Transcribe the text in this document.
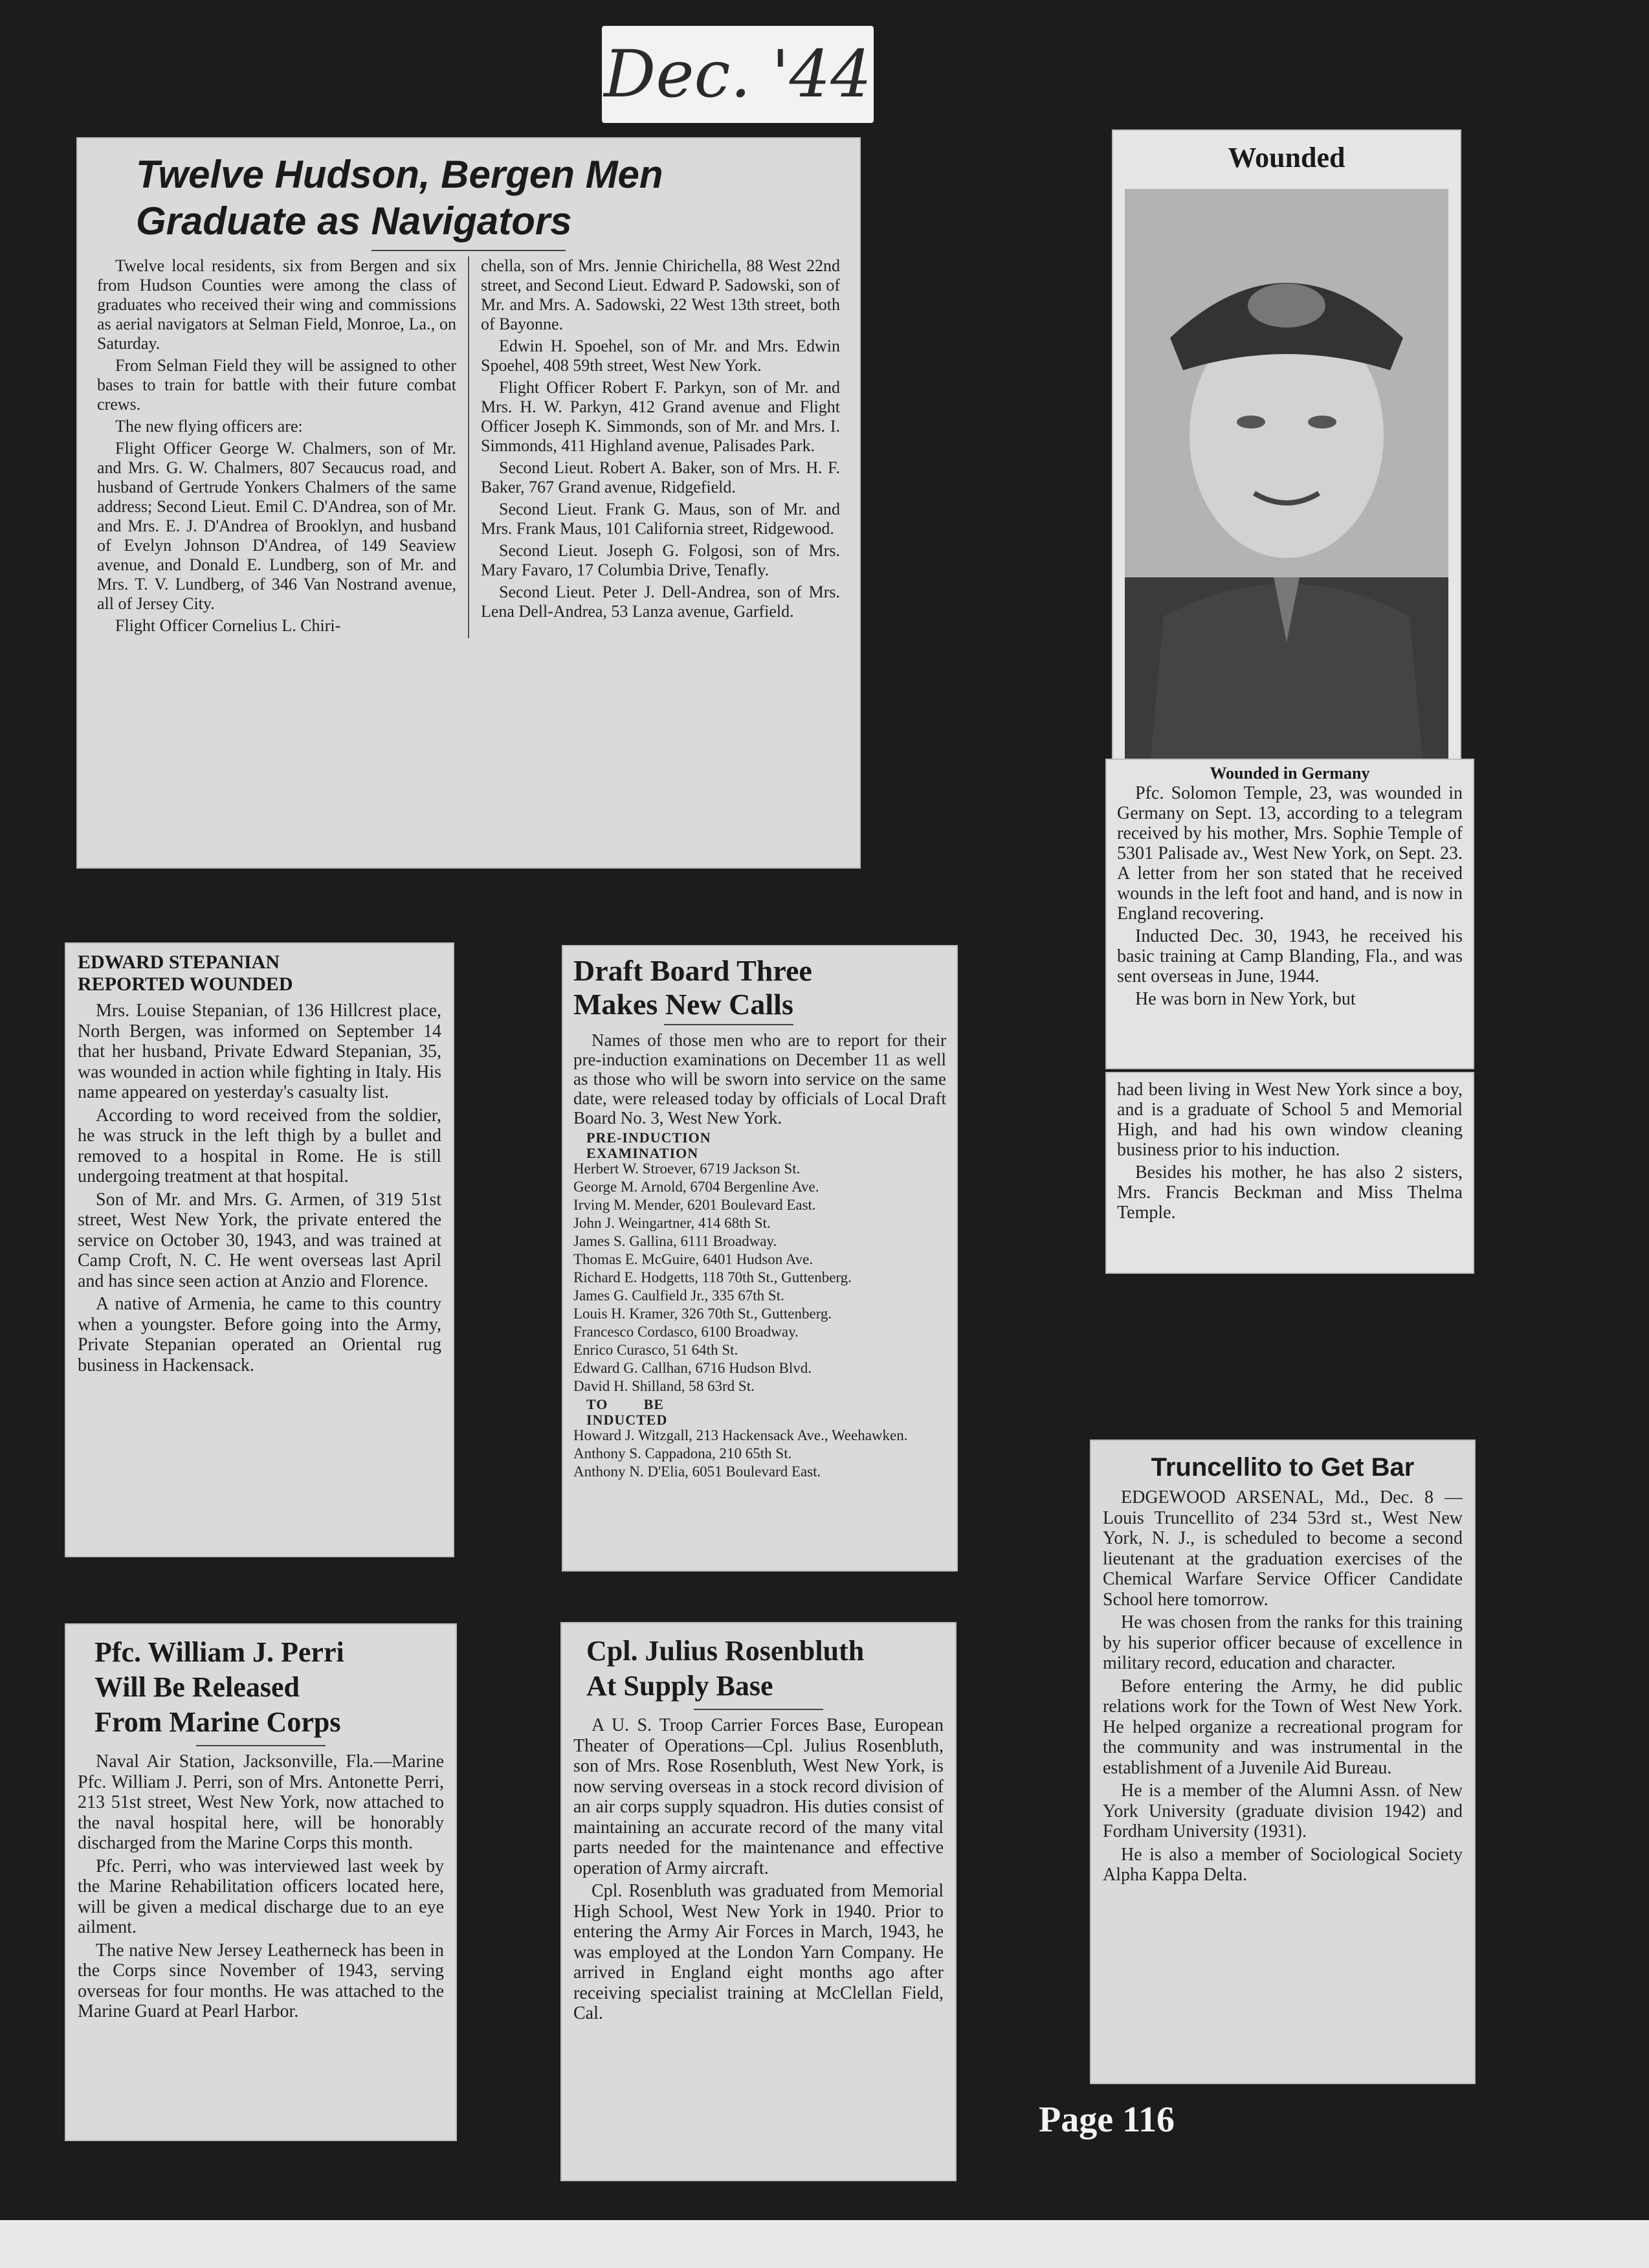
Dec. '44
Twelve Hudson, Bergen Men
Graduate as Navigators

Twelve local residents, six from Bergen and six from Hudson Counties were among the class of graduates who received their wing and commissions as aerial navigators at Selman Field, Monroe, La., on Saturday.

From Selman Field they will be assigned to other bases to train for battle with their future combat crews.

The new flying officers are:

Flight Officer George W. Chalmers, son of Mr. and Mrs. G. W. Chalmers, 807 Secaucus road, and husband of Gertrude Yonkers Chalmers of the same address; Second Lieut. Emil C. D'Andrea, son of Mr. and Mrs. E. J. D'Andrea of Brooklyn, and husband of Evelyn Johnson D'Andrea, of 149 Seaview avenue, and Donald E. Lundberg, son of Mr. and Mrs. T. V. Lundberg, of 346 Van Nostrand avenue, all of Jersey City.

Flight Officer Cornelius L. Chiri-

chella, son of Mrs. Jennie Chirichella, 88 West 22nd street, and Second Lieut. Edward P. Sadowski, son of Mr. and Mrs. A. Sadowski, 22 West 13th street, both of Bayonne.

Edwin H. Spoehel, son of Mr. and Mrs. Edwin Spoehel, 408 59th street, West New York.

Flight Officer Robert F. Parkyn, son of Mr. and Mrs. H. W. Parkyn, 412 Grand avenue and Flight Officer Joseph K. Simmonds, son of Mr. and Mrs. I. Simmonds, 411 Highland avenue, Palisades Park.

Second Lieut. Robert A. Baker, son of Mrs. H. F. Baker, 767 Grand avenue, Ridgefield.

Second Lieut. Frank G. Maus, son of Mr. and Mrs. Frank Maus, 101 California street, Ridgewood.

Second Lieut. Joseph G. Folgosi, son of Mrs. Mary Favaro, 17 Columbia Drive, Tenafly.

Second Lieut. Peter J. Dell-Andrea, son of Mrs. Lena Dell-Andrea, 53 Lanza avenue, Garfield.

Wounded
Wounded in Germany

Pfc. Solomon Temple, 23, was wounded in Germany on Sept. 13, according to a telegram received by his mother, Mrs. Sophie Temple of 5301 Palisade av., West New York, on Sept. 23. A letter from her son stated that he received wounds in the left foot and hand, and is now in England recovering.

Inducted Dec. 30, 1943, he received his basic training at Camp Blanding, Fla., and was sent overseas in June, 1944.

He was born in New York, but

had been living in West New York since a boy, and is a graduate of School 5 and Memorial High, and had his own window cleaning business prior to his induction.

Besides his mother, he has also 2 sisters, Mrs. Francis Beckman and Miss Thelma Temple.

EDWARD STEPANIAN
REPORTED WOUNDED

Mrs. Louise Stepanian, of 136 Hillcrest place, North Bergen, was informed on September 14 that her husband, Private Edward Stepanian, 35, was wounded in action while fighting in Italy. His name appeared on yesterday's casualty list.

According to word received from the soldier, he was struck in the left thigh by a bullet and removed to a hospital in Rome. He is still undergoing treatment at that hospital.

Son of Mr. and Mrs. G. Armen, of 319 51st street, West New York, the private entered the service on October 30, 1943, and was trained at Camp Croft, N. C. He went overseas last April and has since seen action at Anzio and Florence.

A native of Armenia, he came to this country when a youngster. Before going into the Army, Private Stepanian operated an Oriental rug business in Hackensack.

Draft Board Three
Makes New Calls

Names of those men who are to report for their pre-induction examinations on December 11 as well as those who will be sworn into service on the same date, were released today by officials of Local Draft Board No. 3, West New York.

PRE-INDUCTION EXAMINATION

Herbert W. Stroever, 6719 Jackson St.

George M. Arnold, 6704 Bergenline Ave.

Irving M. Mender, 6201 Boulevard East.

John J. Weingartner, 414 68th St.

James S. Gallina, 6111 Broadway.

Thomas E. McGuire, 6401 Hudson Ave.

Richard E. Hodgetts, 118 70th St., Guttenberg.

James G. Caulfield Jr., 335 67th St.

Louis H. Kramer, 326 70th St., Guttenberg.

Francesco Cordasco, 6100 Broadway.

Enrico Curasco, 51 64th St.

Edward G. Callhan, 6716 Hudson Blvd.

David H. Shilland, 58 63rd St.

TO BE INDUCTED

Howard J. Witzgall, 213 Hackensack Ave., Weehawken.

Anthony S. Cappadona, 210 65th St.

Anthony N. D'Elia, 6051 Boulevard East.	Truncellito to Get Bar

EDGEWOOD ARSENAL, Md., Dec. 8 — Louis Truncellito of 234 53rd st., West New York, N. J., is scheduled to become a second lieutenant at the graduation exercises of the Chemical Warfare Service Officer Candidate School here tomorrow.

He was chosen from the ranks for this training by his superior officer because of excellence in military record, education and character.

Before entering the Army, he did public relations work for the Town of West New York. He helped organize a recreational program for the community and was instrumental in the establishment of a Juvenile Aid Bureau.

He is a member of the Alumni Assn. of New York University (graduate division 1942) and Fordham University (1931).

He is also a member of Sociological Society Alpha Kappa Delta.

Pfc. William J. Perri
Will Be Released
From Marine Corps

Naval Air Station, Jacksonville, Fla.—Marine Pfc. William J. Perri, son of Mrs. Antonette Perri, 213 51st street, West New York, now attached to the naval hospital here, will be honorably discharged from the Marine Corps this month.

Pfc. Perri, who was interviewed last week by the Marine Rehabilitation officers located here, will be given a medical discharge due to an eye ailment.

The native New Jersey Leatherneck has been in the Corps since November of 1943, serving overseas for four months. He was attached to the Marine Guard at Pearl Harbor.

Cpl. Julius Rosenbluth
At Supply Base

A U. S. Troop Carrier Forces Base, European Theater of Operations—Cpl. Julius Rosenbluth, son of Mrs. Rose Rosenbluth, West New York, is now serving overseas in a stock record division of an air corps supply squadron. His duties consist of maintaining an accurate record of the many vital parts needed for the maintenance and effective operation of Army aircraft.

Cpl. Rosenbluth was graduated from Memorial High School, West New York in 1940. Prior to entering the Army Air Forces in March, 1943, he was employed at the London Yarn Company. He arrived in England eight months ago after receiving specialist training at McClellan Field, Cal.

Page 116
